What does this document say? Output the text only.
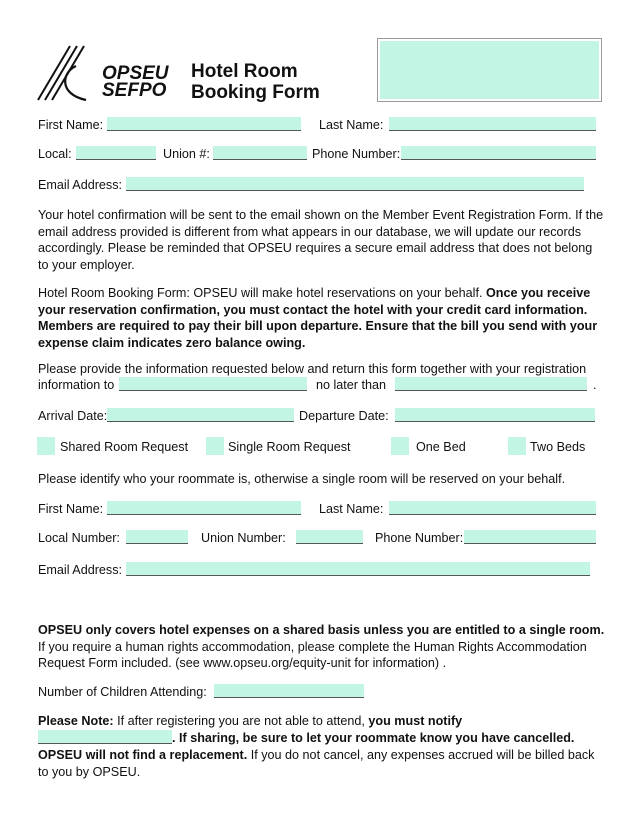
OPSEU
SEFPO
Hotel Room
Booking Form
First Name:	Last Name:
Local:	Union #:	Phone Number:
Email Address:
Your hotel confirmation will be sent to the email shown on the Member Event Registration Form. If the email address provided is different from what appears in our database, we will update our records accordingly. Please be reminded that OPSEU requires a secure email address that does not belong to your employer.
Hotel Room Booking Form: OPSEU will make hotel reservations on your behalf. Once you receive your reservation confirmation, you must contact the hotel with your credit card information. Members are required to pay their bill upon departure. Ensure that the bill you send with your expense claim indicates zero balance owing.
Please provide the information requested below and return this form together with your registration
information to	no later than	.
Arrival Date:	Departure Date:
Shared Room Request	Single Room Request	One Bed	Two Beds
Please identify who your roommate is, otherwise a single room will be reserved on your behalf.
First Name:	Last Name:
Local Number:	Union Number:	Phone Number:
Email Address:
OPSEU only covers hotel expenses on a shared basis unless you are entitled to a single room. If you require a human rights accommodation, please complete the Human Rights Accommodation Request Form included. (see www.opseu.org/equity-unit for information) .
Number of Children Attending:
Please Note: If after registering you are not able to attend, you must notify
. If sharing, be sure to let your roommate know you have cancelled. OPSEU will not find a replacement. If you do not cancel, any expenses accrued will be billed back to you by OPSEU.
